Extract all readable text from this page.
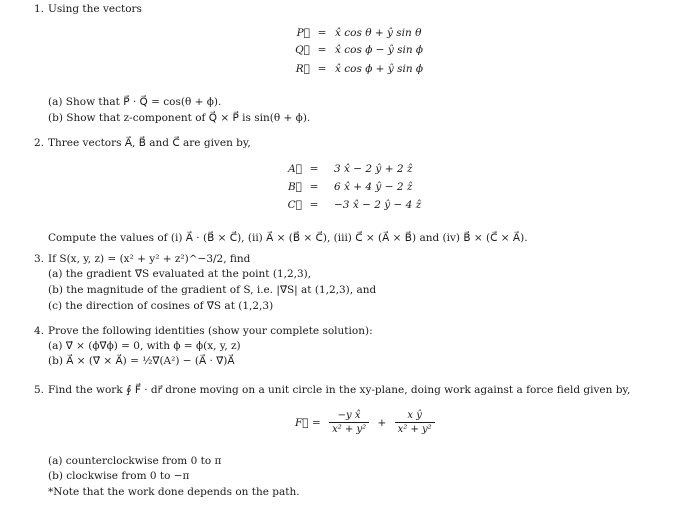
1. Using the vectors
P⃗ = x̂ cos θ + ŷ sin θ
Q⃗ = x̂ cos ϕ − ŷ sin ϕ
R⃗ = x̂ cos ϕ + ŷ sin ϕ
(a) Show that P⃗ · Q⃗ = cos(θ + ϕ).
(b) Show that z-component of Q⃗ × P⃗ is sin(θ + ϕ).
2. Three vectors A⃗, B⃗ and C⃗ are given by,
A⃗ = 3 x̂ − 2 ŷ + 2 ẑ
B⃗ = 6 x̂ + 4 ŷ − 2 ẑ
C⃗ = −3 x̂ − 2 ŷ − 4 ẑ
Compute the values of (i) A⃗ · (B⃗ × C⃗), (ii) A⃗ × (B⃗ × C⃗), (iii) C⃗ × (A⃗ × B⃗) and (iv) B⃗ × (C⃗ × A⃗).
3. If S(x, y, z) = (x² + y² + z²)^−3/2, find
(a) the gradient ∇⃗S evaluated at the point (1,2,3),
(b) the magnitude of the gradient of S, i.e. |∇⃗S| at (1,2,3), and
(c) the direction of cosines of ∇⃗S at (1,2,3)
4. Prove the following identities (show your complete solution):
(a) ∇⃗ × (ϕ∇⃗ϕ) = 0, with ϕ = ϕ(x, y, z)
(b) A⃗ × (∇⃗ × A⃗) = ½∇⃗(A²) − (A⃗ · ∇⃗)A⃗
5. Find the work ∮ F⃗ · dr⃗ drone moving on a unit circle in the xy-plane, doing work against a force field given by,
F⃗ = $\frac{\text{−y x̂}}{\text{x² + y²}} + \frac{\text{x ŷ}}{\text{x² + y²}}$
(a) counterclockwise from 0 to π
(b) clockwise from 0 to −π
*Note that the work done depends on the path.
